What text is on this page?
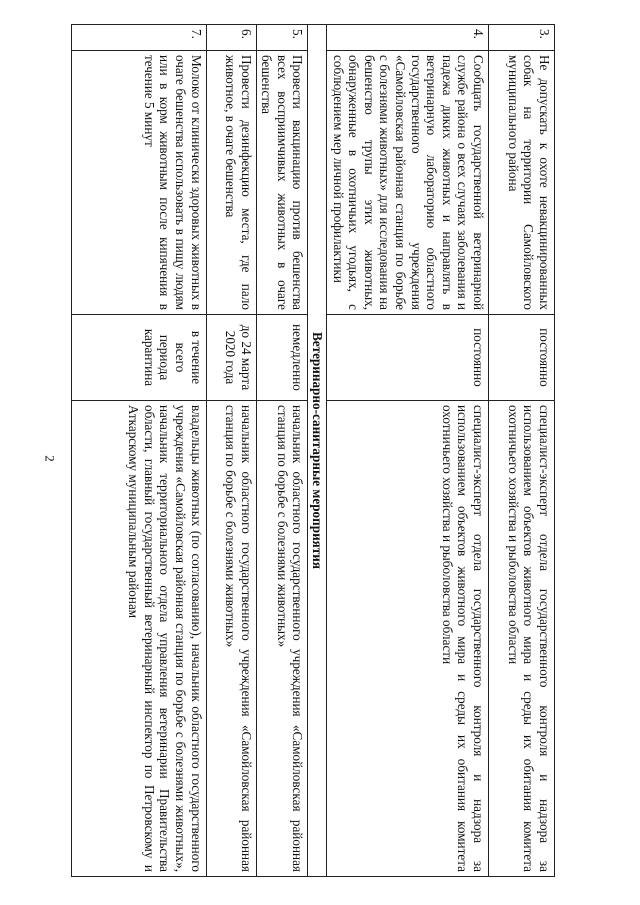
2
3.	Не допускать к охоте невакцинированных собак на территории Самойловского муниципального района	постоянно	специалист-эксперт отдела государственного контроля и надзора за использованием объектов животного мира и среды их обитания комитета охотничьего хозяйства и рыболовства области
4.	Сообщать государственной ветеринарной службе района о всех случаях заболевания и падежа диких животных и направлять в ветеринарную лабораторию областного государственного учреждения «Самойловская районная станция по борьбе с болезнями животных» для исследования на бешенство трупы этих животных, обнаруженные в охотничьих угодьях, с соблюдением мер личной профилактики	постоянно	специалист-эксперт отдела государственного контроля и надзора за использованием объектов животного мира и среды их обитания комитета охотничьего хозяйства и рыболовства области
Ветеринарно-санитарные мероприятия			
5.	Провести вакцинацию против бешенства всех восприимчивых животных в очаге бешенства	немедленно	начальник областного государственного учреждения «Самойловская районная станция по борьбе с болезнями животных»
6.	Провести дезинфекцию места, где пало животное, в очаге бешенства	до 24 марта 2020 года	начальник областного государственного учреждения «Самойловская районная станция по борьбе с болезнями животных»
7.	Молоко от клинически здоровых животных в очаге бешенства использовать в пищу людям или в корм животным после кипячения в течение 5 минут	в течение всего периода карантина	владельцы животных (по согласованию), начальник областного государственного учреждения «Самойловская районная станция по борьбе с болезнями животных», начальник территориального отдела управления ветеринарии Правительства области, главный государственный ветеринарный инспектор по Петровскому и Аткарскому муниципальным районам
